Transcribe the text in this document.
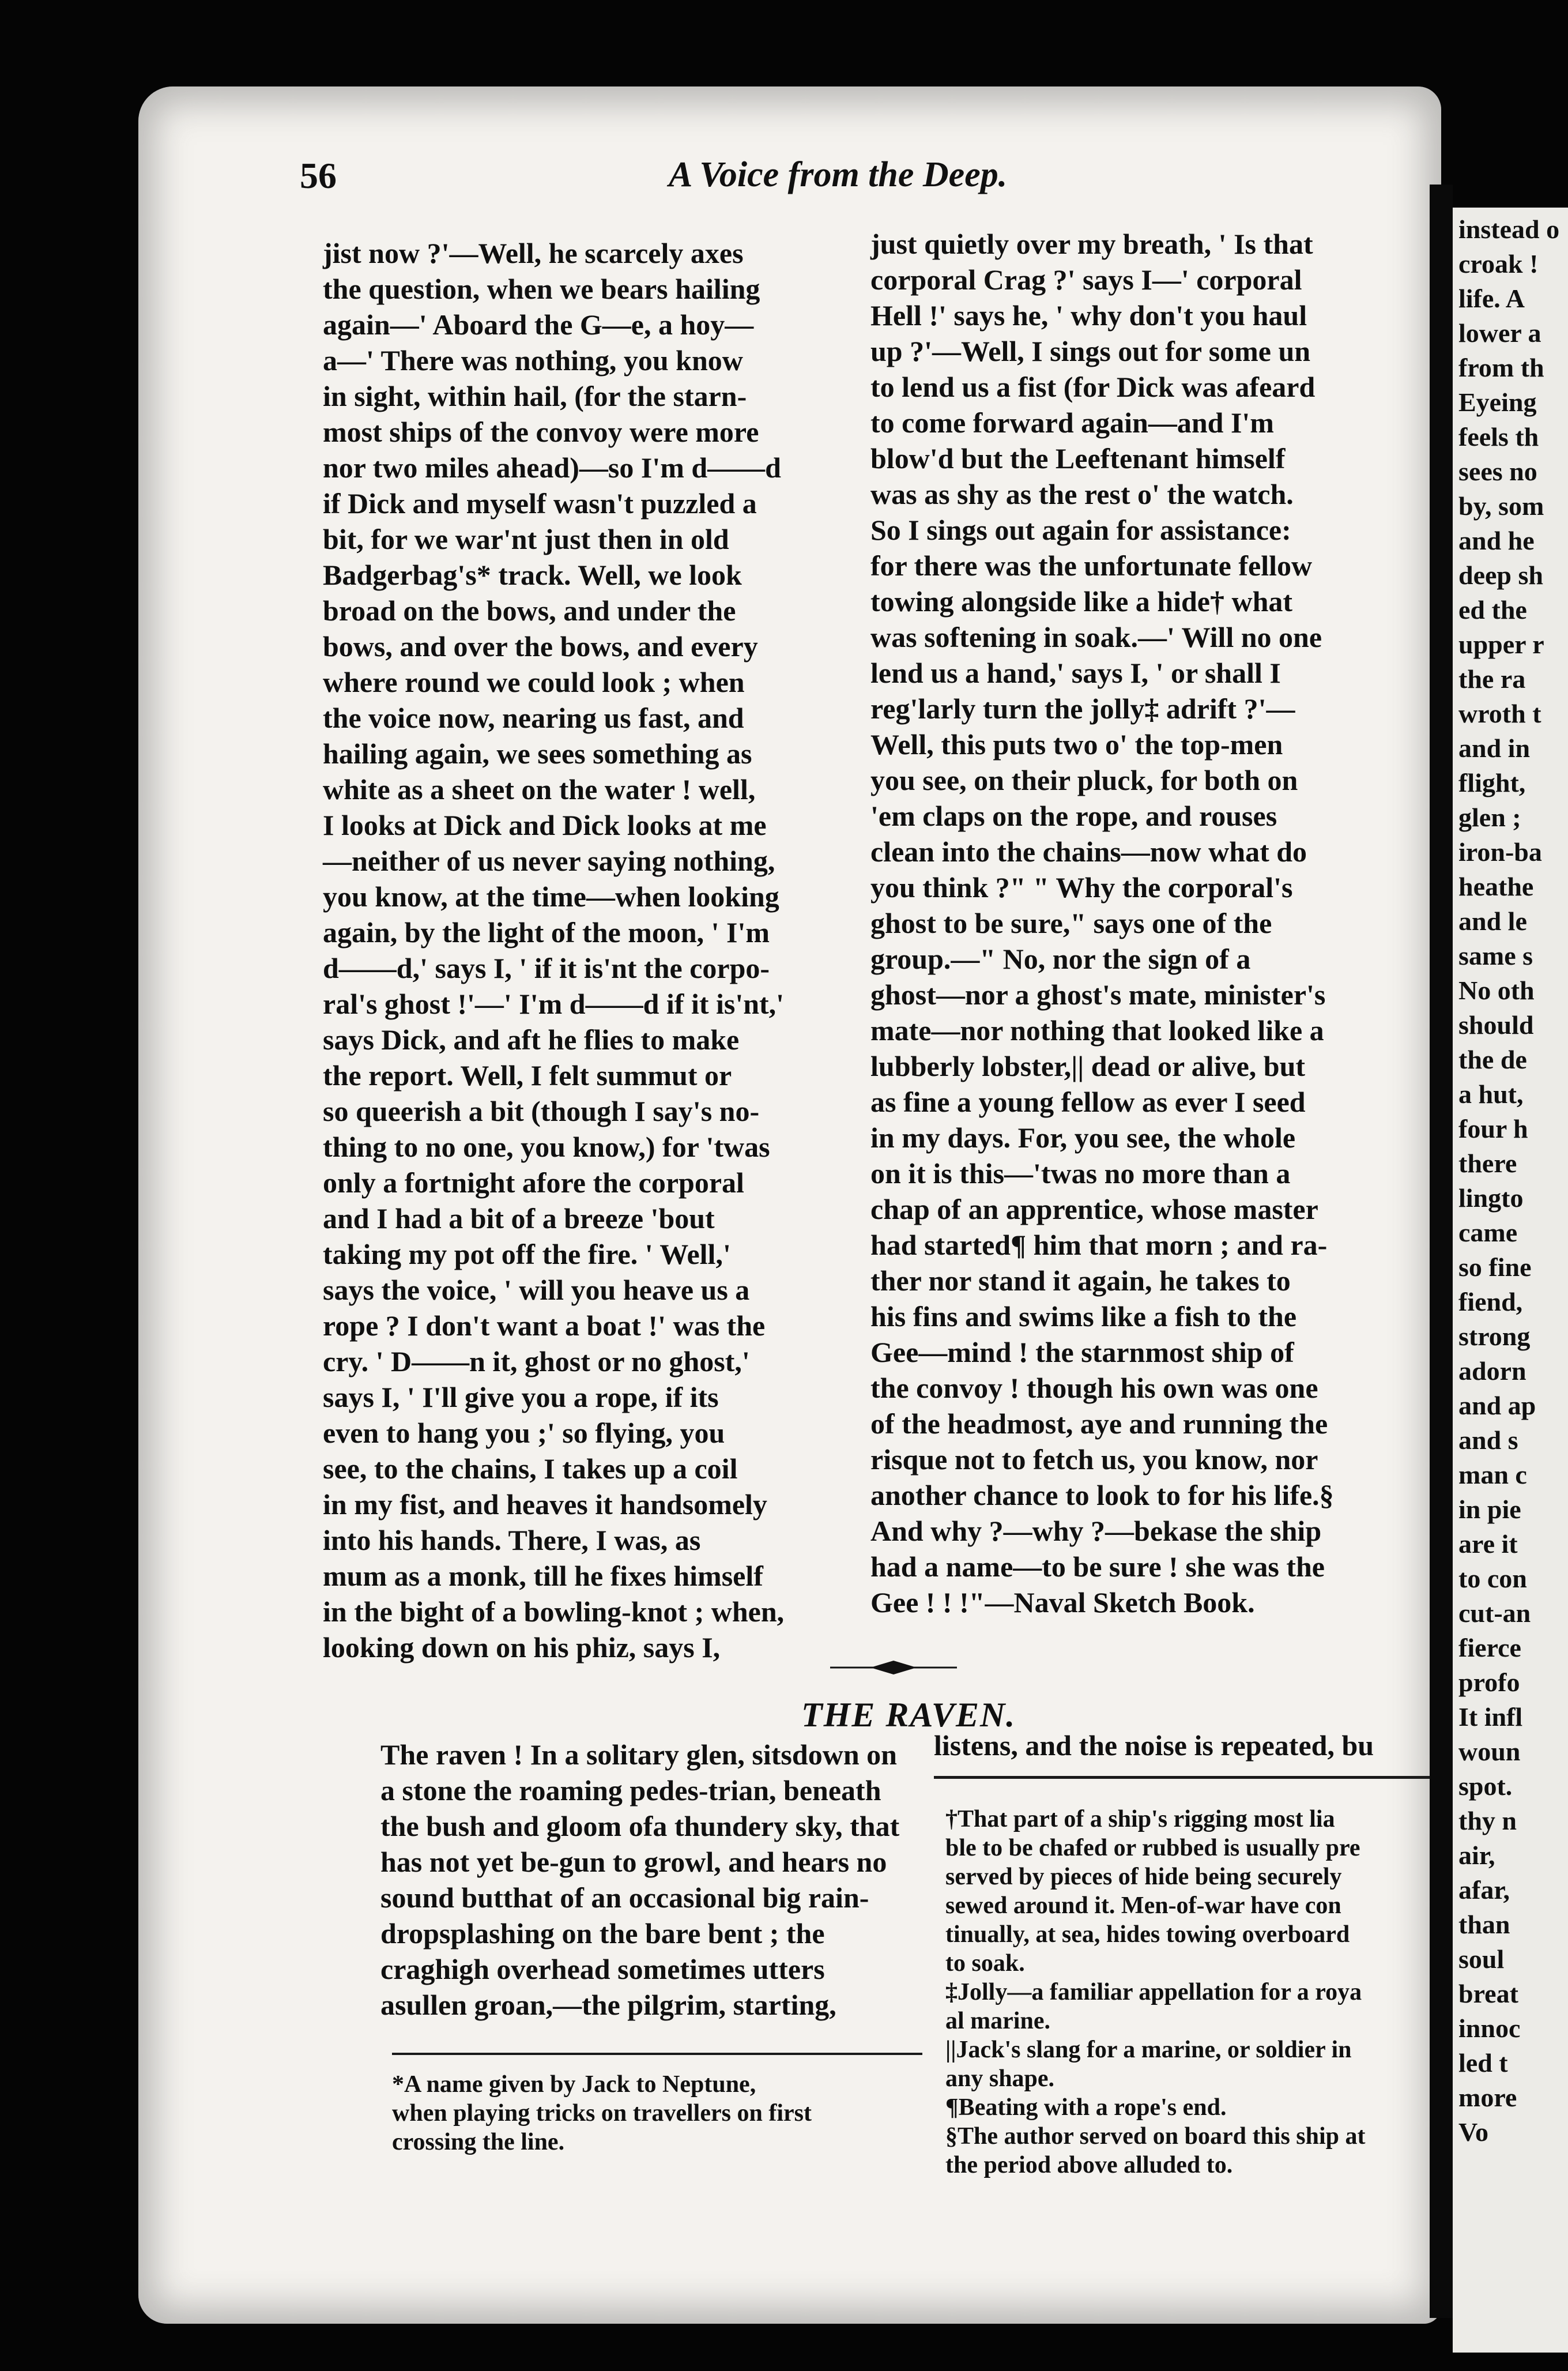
instead o
croak !
life. A
lower a
from th
Eyeing
feels th
sees no
by, som
and he
deep sh
ed the
upper r
the ra
wroth t
and in
flight,
glen ;
iron-ba
heathe
and le
same s
No oth
should
the de
a hut,
four h
there
lingto
came
so fine
fiend,
strong
adorn
and ap
and s
man c
in pie
are it
to con
cut-an
fierce
profo
It infl
woun
spot.
thy n
air,
afar,
than
soul
breat
innoc
led t
more
Vo
56	A Voice from the Deep.
jist now ?'—Well, he scarcely axes
the question, when we bears hailing
again—' Aboard the G—e, a hoy—
a—' There was nothing, you know
in sight, within hail, (for the starn-
most ships of the convoy were more
nor two miles ahead)—so I'm d——d
if Dick and myself wasn't puzzled a
bit, for we war'nt just then in old
Badgerbag's* track. Well, we look
broad on the bows, and under the
bows, and over the bows, and every
where round we could look ; when
the voice now, nearing us fast, and
hailing again, we sees something as
white as a sheet on the water ! well,
I looks at Dick and Dick looks at me
—neither of us never saying nothing,
you know, at the time—when looking
again, by the light of the moon, ' I'm
d——d,' says I, ' if it is'nt the corpo-
ral's ghost !'—' I'm d——d if it is'nt,'
says Dick, and aft he flies to make
the report. Well, I felt summut or
so queerish a bit (though I say's no-
thing to no one, you know,) for 'twas
only a fortnight afore the corporal
and I had a bit of a breeze 'bout
taking my pot off the fire. ' Well,'
says the voice, ' will you heave us a
rope ? I don't want a boat !' was the
cry. ' D——n it, ghost or no ghost,'
says I, ' I'll give you a rope, if its
even to hang you ;' so flying, you
see, to the chains, I takes up a coil
in my fist, and heaves it handsomely
into his hands. There, I was, as
mum as a monk, till he fixes himself
in the bight of a bowling-knot ; when,
looking down on his phiz, says I,
just quietly over my breath, ' Is that
corporal Crag ?' says I—' corporal
Hell !' says he, ' why don't you haul
up ?'—Well, I sings out for some un
to lend us a fist (for Dick was afeard
to come forward again—and I'm
blow'd but the Leeftenant himself
was as shy as the rest o' the watch.
So I sings out again for assistance:
for there was the unfortunate fellow
towing alongside like a hide† what
was softening in soak.—' Will no one
lend us a hand,' says I, ' or shall I
reg'larly turn the jolly‡ adrift ?'—
Well, this puts two o' the top-men
you see, on their pluck, for both on
'em claps on the rope, and rouses
clean into the chains—now what do
you think ?" " Why the corporal's
ghost to be sure," says one of the
group.—" No, nor the sign of a
ghost—nor a ghost's mate, minister's
mate—nor nothing that looked like a
lubberly lobster,|| dead or alive, but
as fine a young fellow as ever I seed
in my days. For, you see, the whole
on it is this—'twas no more than a
chap of an apprentice, whose master
had started¶ him that morn ; and ra-
ther nor stand it again, he takes to
his fins and swims like a fish to the
Gee—mind ! the starnmost ship of
the convoy ! though his own was one
of the headmost, aye and running the
risque not to fetch us, you know, nor
another chance to look to for his life.§
And why ?—why ?—bekase the ship
had a name—to be sure ! she was the
Gee ! ! !"—Naval Sketch Book.
THE RAVEN.
The raven ! In a solitary glen, sitsdown on a stone the roaming pedes-trian, beneath the bush and gloom ofa thundery sky, that has not yet be-gun to growl, and hears no sound butthat of an occasional big rain-dropsplashing on the bare bent ; the craghigh overhead sometimes utters asullen groan,—the pilgrim, starting,
listens, and the noise is repeated, bu
*A name given by Jack to Neptune,
when playing tricks on travellers on first
crossing the line.
†That part of a ship's rigging most lia
ble to be chafed or rubbed is usually pre
served by pieces of hide being securely
sewed around it. Men-of-war have con
tinually, at sea, hides towing overboard
to soak.
‡Jolly—a familiar appellation for a roya
al marine.
||Jack's slang for a marine, or soldier in
any shape.
¶Beating with a rope's end.
§The author served on board this ship at
the period above alluded to.
